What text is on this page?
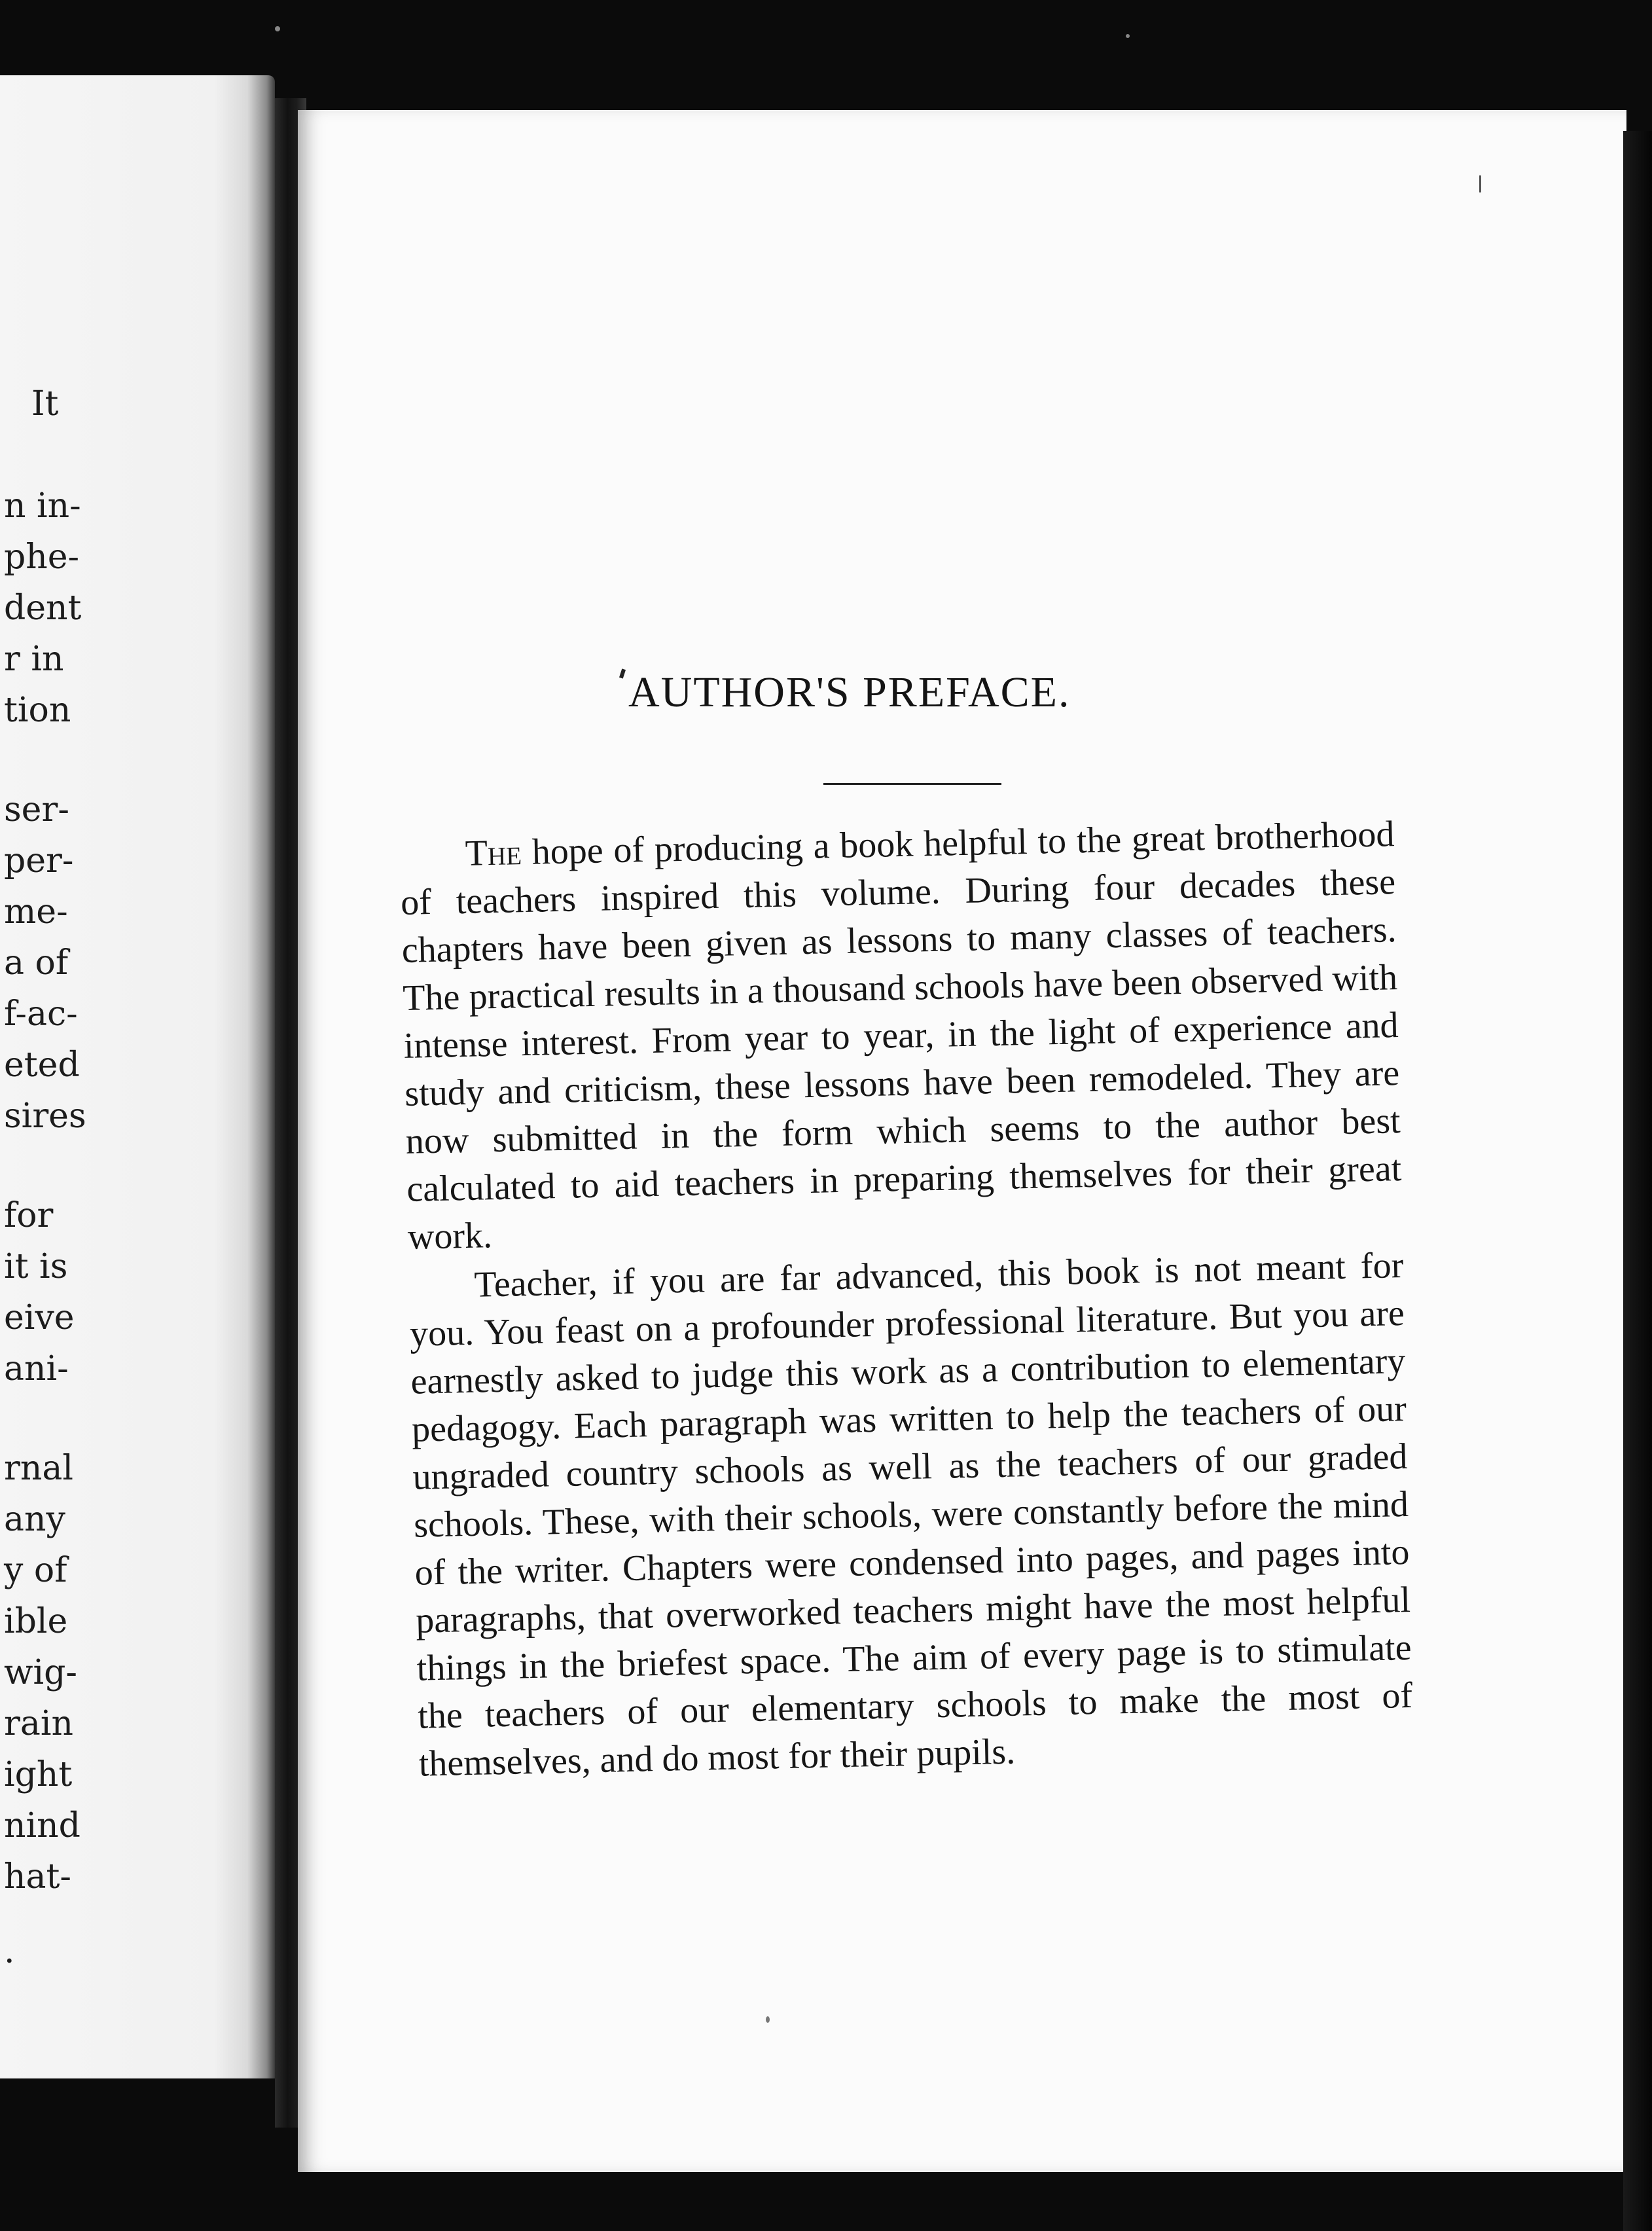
It
n in-
phe-
dent
r in
tion
ser-
per-
me-
a of
f-ac-
eted
sires
for
it is
eive
ani-
rnal
any
y of
ible
wig-
rain
ight
nind
hat-
.
AUTHOR'S PREFACE.

The hope of producing a book helpful to the great brotherhood of teachers inspired this volume. During four decades these chapters have been given as lessons to many classes of teachers. The practical results in a thousand schools have been observed with intense interest. From year to year, in the light of experience and study and criticism, these lessons have been remodeled. They are now submitted in the form which seems to the author best calculated to aid teachers in preparing themselves for their great work.

Teacher, if you are far advanced, this book is not meant for you. You feast on a profounder professional literature. But you are earnestly asked to judge this work as a contribution to elementary pedagogy. Each paragraph was written to help the teachers of our ungraded country schools as well as the teachers of our graded schools. These, with their schools, were constantly before the mind of the writer. Chapters were condensed into pages, and pages into paragraphs, that overworked teachers might have the most helpful things in the briefest space. The aim of every page is to stimulate the teachers of our elementary schools to make the most of themselves, and do most for their pupils.
